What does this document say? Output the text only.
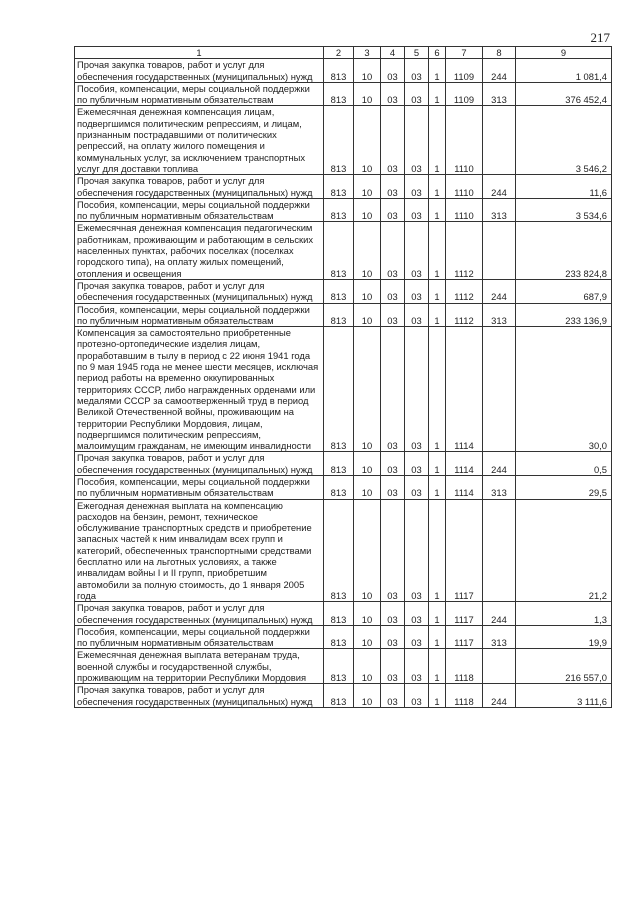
217
1	2	3	4	5	6	7	8	9
Прочая закупка товаров, работ и услуг для обеспечения государственных (муниципальных) нужд	813	10	03	03	1	1109	244	1 081,4
Пособия, компенсации, меры социальной поддержки по публичным нормативным обязательствам	813	10	03	03	1	1109	313	376 452,4
Ежемесячная денежная компенсация лицам, подвергшимся политическим репрессиям, и лицам, признанным пострадавшими от политических репрессий, на оплату жилого помещения и коммунальных услуг, за исключением транспортных услуг для доставки топлива	813	10	03	03	1	1110		3 546,2
Прочая закупка товаров, работ и услуг для обеспечения государственных (муниципальных) нужд	813	10	03	03	1	1110	244	11,6
Пособия, компенсации, меры социальной поддержки по публичным нормативным обязательствам	813	10	03	03	1	1110	313	3 534,6
Ежемесячная денежная компенсация педагогическим работникам, проживающим и работающим в сельских населенных пунктах, рабочих поселках (поселках городского типа), на оплату жилых помещений, отопления и освещения	813	10	03	03	1	1112		233 824,8
Прочая закупка товаров, работ и услуг для обеспечения государственных (муниципальных) нужд	813	10	03	03	1	1112	244	687,9
Пособия, компенсации, меры социальной поддержки по публичным нормативным обязательствам	813	10	03	03	1	1112	313	233 136,9
Компенсация за самостоятельно приобретенные протезно-ортопедические изделия лицам, проработавшим в тылу в период с 22 июня 1941 года по 9 мая 1945 года не менее шести месяцев, исключая период работы на временно оккупированных территориях СССР, либо награжденных орденами или медалями СССР за самоотверженный труд в период Великой Отечественной войны, проживающим на территории Республики Мордовия, лицам, подвергшимся политическим репрессиям, малоимущим гражданам, не имеющим инвалидности	813	10	03	03	1	1114		30,0
Прочая закупка товаров, работ и услуг для обеспечения государственных (муниципальных) нужд	813	10	03	03	1	1114	244	0,5
Пособия, компенсации, меры социальной поддержки по публичным нормативным обязательствам	813	10	03	03	1	1114	313	29,5
Ежегодная денежная выплата на компенсацию расходов на бензин, ремонт, техническое обслуживание транспортных средств и приобретение запасных частей к ним инвалидам всех групп и категорий, обеспеченных транспортными средствами бесплатно или на льготных условиях, а также инвалидам войны I и II групп, приобретшим автомобили за полную стоимость, до 1 января 2005 года	813	10	03	03	1	1117		21,2
Прочая закупка товаров, работ и услуг для обеспечения государственных (муниципальных) нужд	813	10	03	03	1	1117	244	1,3
Пособия, компенсации, меры социальной поддержки по публичным нормативным обязательствам	813	10	03	03	1	1117	313	19,9
Ежемесячная денежная выплата ветеранам труда, военной службы и государственной службы, проживающим на территории Республики Мордовия	813	10	03	03	1	1118		216 557,0
Прочая закупка товаров, работ и услуг для обеспечения государственных (муниципальных) нужд	813	10	03	03	1	1118	244	3 111,6
